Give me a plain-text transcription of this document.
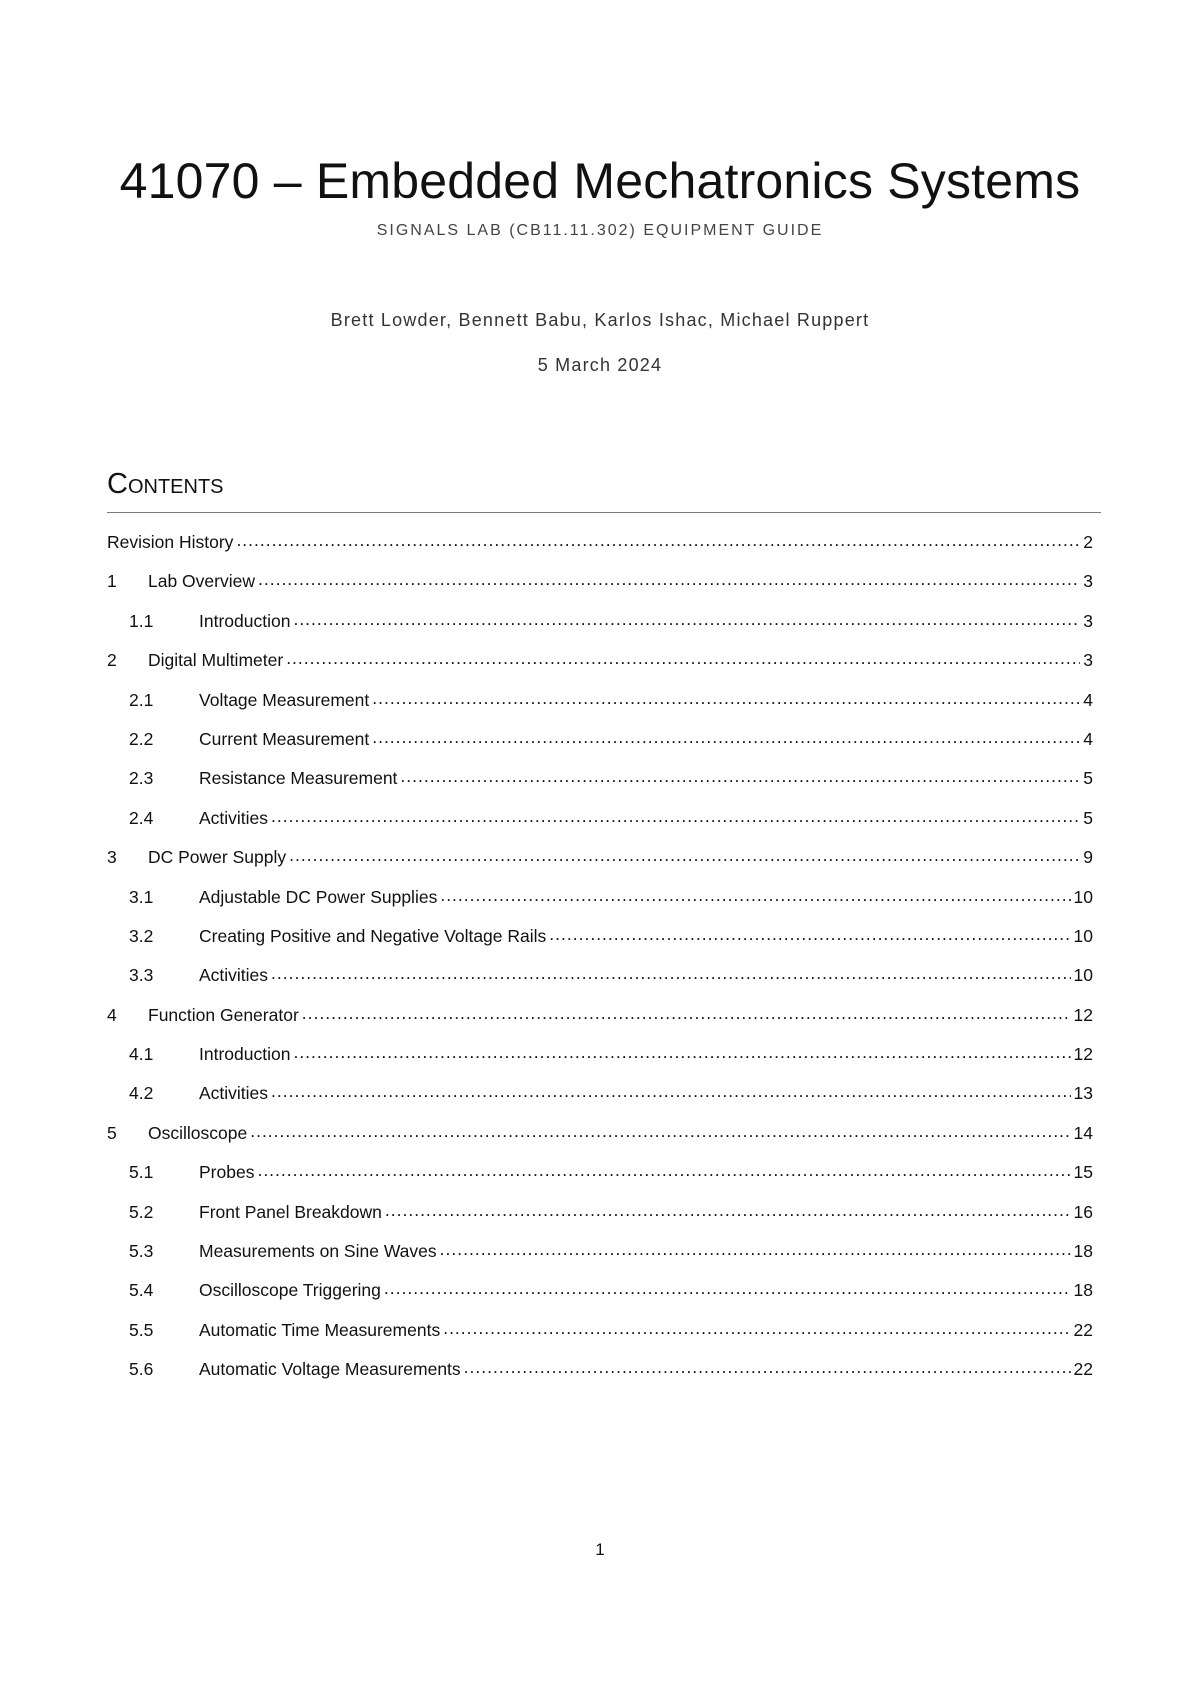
41070 – Embedded Mechatronics Systems
SIGNALS LAB (CB11.11.302) EQUIPMENT GUIDE
Brett Lowder, Bennett Babu, Karlos Ishac, Michael Ruppert
5 March 2024
Contents
Revision History .....	2
1	Lab Overview .....	3
1.1	Introduction .....	3
2	Digital Multimeter .....	3
2.1	Voltage Measurement .....	4
2.2	Current Measurement .....	4
2.3	Resistance Measurement .....	5
2.4	Activities .....	5
3	DC Power Supply .....	9
3.1	Adjustable DC Power Supplies .....	10
3.2	Creating Positive and Negative Voltage Rails .....	10
3.3	Activities .....	10
4	Function Generator .....	12
4.1	Introduction .....	12
4.2	Activities .....	13
5	Oscilloscope .....	14
5.1	Probes .....	15
5.2	Front Panel Breakdown .....	16
5.3	Measurements on Sine Waves .....	18
5.4	Oscilloscope Triggering .....	18
5.5	Automatic Time Measurements .....	22
5.6	Automatic Voltage Measurements .....	22
1
